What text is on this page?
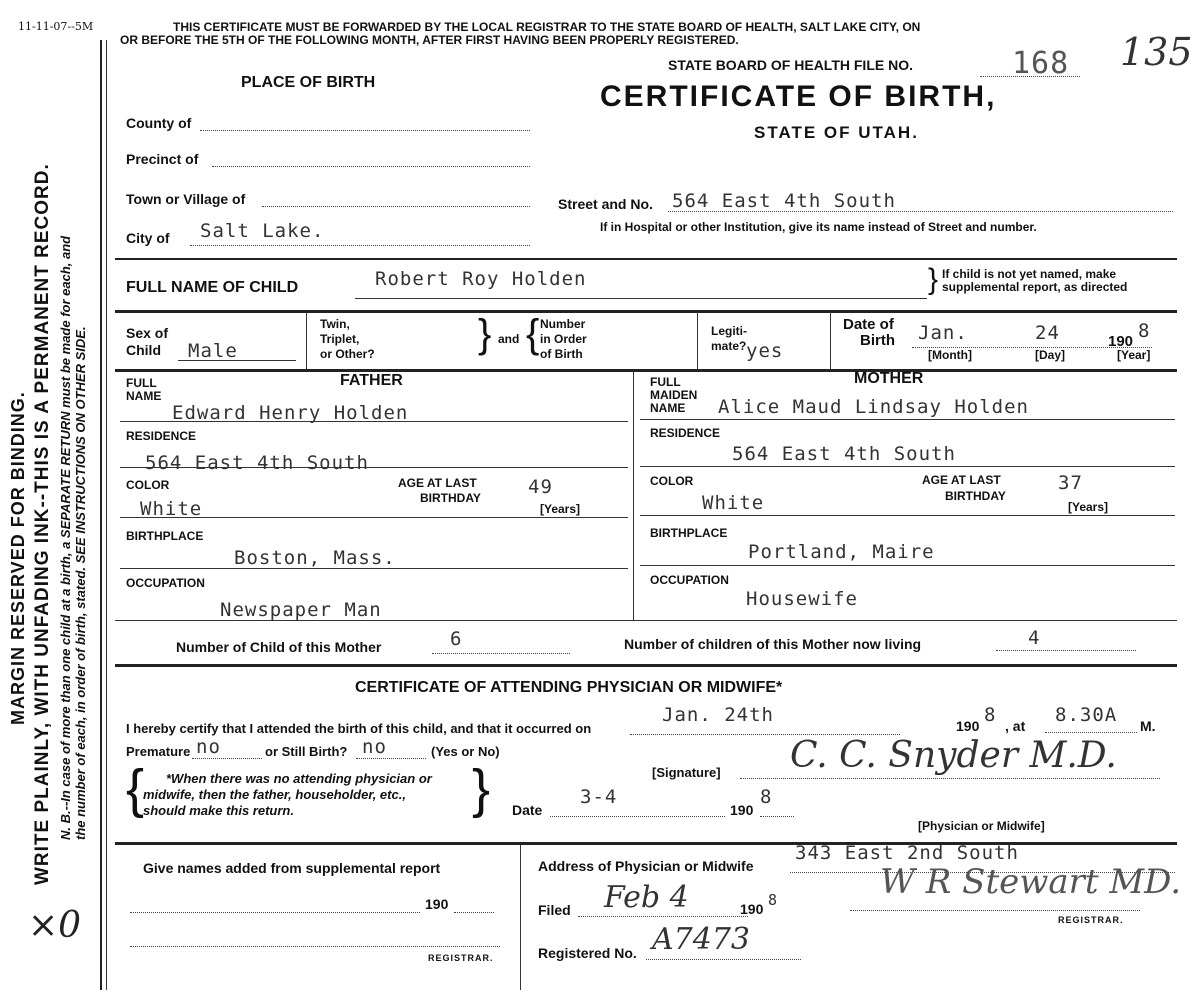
11-11-07--5M	THIS CERTIFICATE MUST BE FORWARDED BY THE LOCAL REGISTRAR TO THE STATE BOARD OF HEALTH, SALT LAKE CITY, ON
OR BEFORE THE 5TH OF THE FOLLOWING MONTH, AFTER FIRST HAVING BEEN PROPERLY REGISTERED.
WRITE PLAINLY, WITH UNFADING INK--THIS IS A PERMANENT RECORD.
MARGIN RESERVED FOR BINDING. N. B.--In case of more than one child at a birth, a SEPARATE RETURN must be made for each, and the number of each, in order of birth, stated. SEE INSTRUCTIONS ON OTHER SIDE.
×0
STATE BOARD OF HEALTH FILE NO.	168 135
CERTIFICATE OF BIRTH,
STATE OF UTAH.
PLACE OF BIRTH
County of
Precinct of
Town or Village of
City of Salt Lake.
Street and No. 564 East 4th South
If in Hospital or other Institution, give its name instead of Street and number.
FULL NAME OF CHILD	Robert Roy Holden	} If child is not yet named, make
supplemental report, as directed
Sex of
Child Male
Twin,
Triplet,
or Other?	} and { Number
in Order
of Birth
Legiti-
mate? yes
Date of
Birth Jan.	24	190 8
[Month]	[Day]	[Year]
FATHER
FULL
NAME
Edward Henry Holden
RESIDENCE
564 East 4th South
COLOR
White
AGE AT LAST
BIRTHDAY 49
[Years]
BIRTHPLACE
Boston, Mass.
OCCUPATION
Newspaper Man
MOTHER
FULL
MAIDEN
NAME Alice Maud Lindsay Holden
RESIDENCE
564 East 4th South
COLOR
White
AGE AT LAST
BIRTHDAY
37
[Years]
BIRTHPLACE
Portland, Maire
OCCUPATION
Housewife
Number of Child of this Mother	6	Number of children of this Mother now living	4
CERTIFICATE OF ATTENDING PHYSICIAN OR MIDWIFE*
I hereby certify that I attended the birth of this child, and that it occurred on
Jan. 24th	190 8 , at 8.30A M.
Premature no	or Still Birth? no	(Yes or No)
{ *When there was no attending physician or
midwife, then the father, householder, etc.,
should make this return.	}	[Signature] C. C. Snyder M.D.
Date
3-4
190
8
[Physician or Midwife]
Give names added from supplemental report
190
REGISTRAR.
Address of Physician or Midwife
343 East 2nd South
Filed Feb 4	190 8	W R Stewart MD.
REGISTRAR.
Registered No. A7473
